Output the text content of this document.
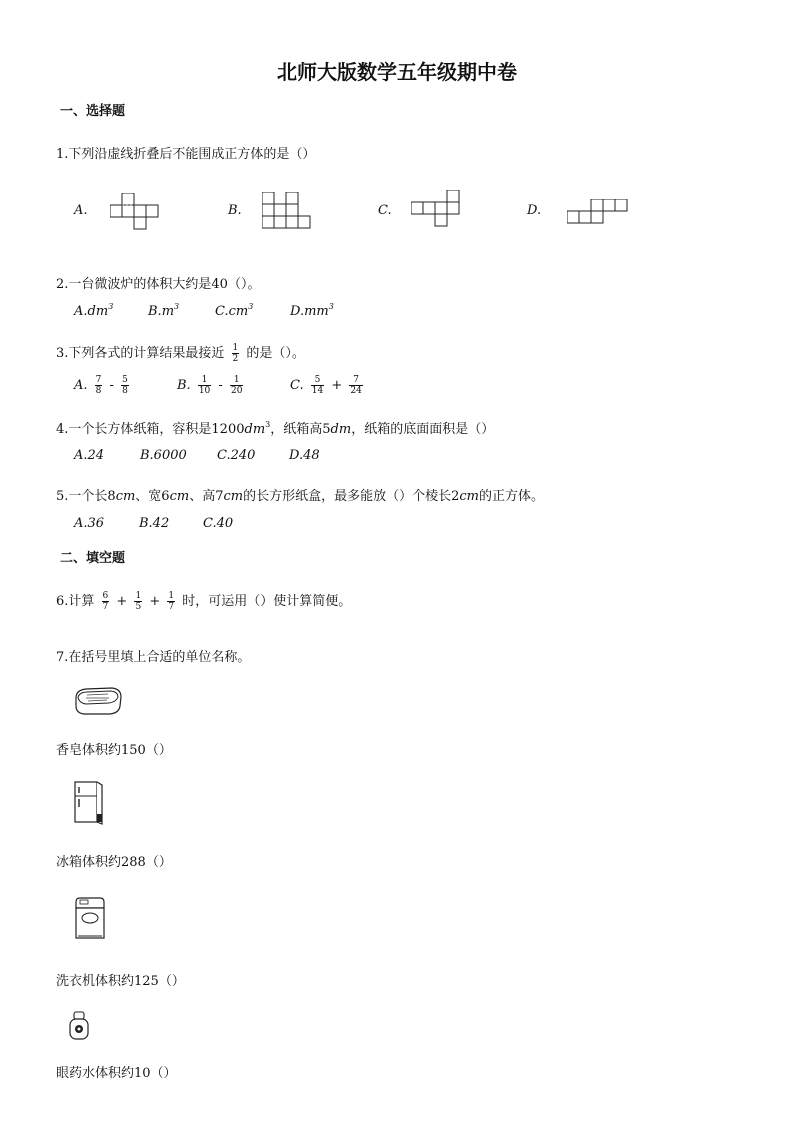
北师大版数学五年级期中卷
一、选择题
1.下列沿虚线折叠后不能围成正方体的是（）
A.	B.	C.	D.
2.一台微波炉的体积大约是40（）。
$A.dm^3$	$B.m^3$	$C.cm^3$	$D.mm^3$
3.下列各式的计算结果最接近 $\frac{1}{2}$ 的是（）。
A. $\frac{7}{8} - \frac{5}{8}$	B. $\frac{1}{10} - \frac{1}{20}$	C. $\frac{5}{14} + \frac{7}{24}$
4.一个长方体纸箱，容积是$1200dm^3$，纸箱高5dm，纸箱的底面面积是（）
A.24	B.6000 C.240	D.48
5.一个长8cm、宽6cm、高7cm的长方形纸盒，最多能放（）个棱长2cm的正方体。
A.36	B.42	C.40
二、填空题
6.计算 $\frac{6}{7} + \frac{1}{5} + \frac{1}{7}$ 时，可运用（）使计算简便。
7.在括号里填上合适的单位名称。
香皂体积约150（）
冰箱体积约288（）
洗衣机体积约125（）
眼药水体积约10（）
